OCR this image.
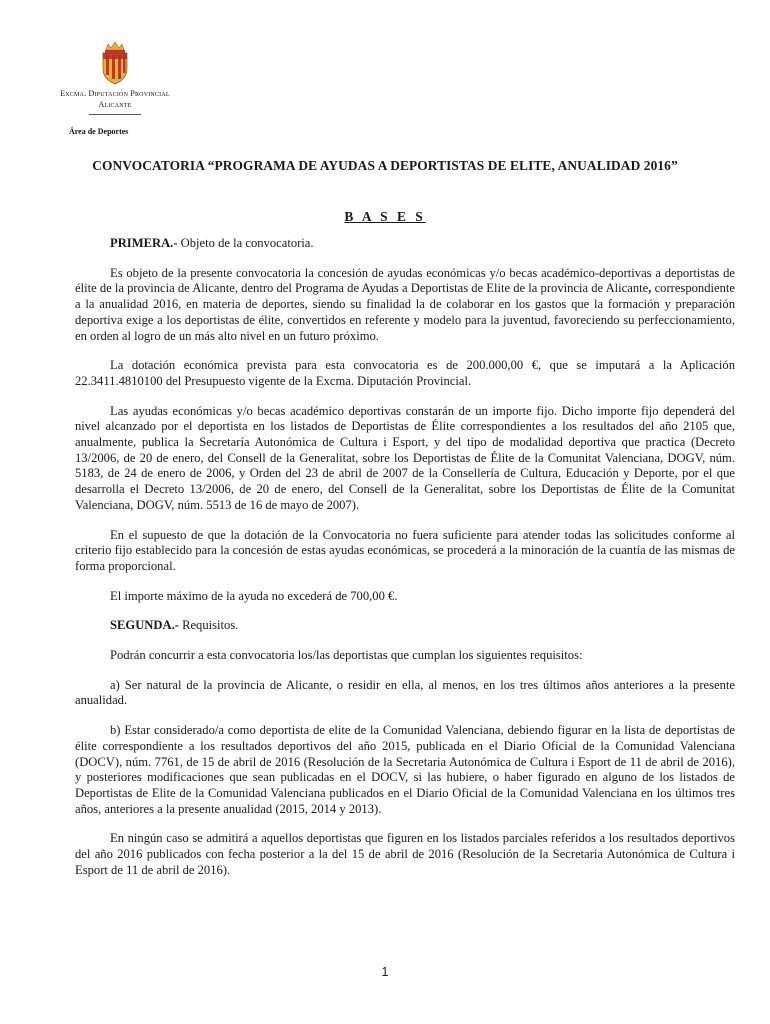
Excma. Diputación Provincial
Alicante
Área de Deportes
CONVOCATORIA “PROGRAMA DE AYUDAS A DEPORTISTAS DE ELITE, ANUALIDAD 2016”
B A S E S

PRIMERA.- Objeto de la convocatoria.

Es objeto de la presente convocatoria la concesión de ayudas económicas y/o becas académico-deportivas a deportistas de élite de la provincia de Alicante, dentro del Programa de Ayudas a Deportistas de Elite de la provincia de Alicante, correspondiente a la anualidad 2016, en materia de deportes, siendo su finalidad la de colaborar en los gastos que la formación y preparación deportiva exige a los deportistas de élite, convertidos en referente y modelo para la juventud, favoreciendo su perfeccionamiento, en orden al logro de un más alto nivel en un futuro próximo.

La dotación económica prevista para esta convocatoria es de 200.000,00 €, que se imputará a la Aplicación 22.3411.4810100 del Presupuesto vigente de la Excma. Diputación Provincial.

Las ayudas económicas y/o becas académico deportivas constarán de un importe fijo. Dicho importe fijo dependerá del nivel alcanzado por el deportista en los listados de Deportistas de Élite correspondientes a los resultados del año 2105 que, anualmente, publica la Secretaría Autonómica de Cultura i Esport, y del tipo de modalidad deportiva que practica (Decreto 13/2006, de 20 de enero, del Consell de la Generalitat, sobre los Deportistas de Élite de la Comunitat Valenciana, DOGV, núm. 5183, de 24 de enero de 2006, y Orden del 23 de abril de 2007 de la Consellería de Cultura, Educación y Deporte, por el que desarrolla el Decreto 13/2006, de 20 de enero, del Consell de la Generalitat, sobre los Deportistas de Élite de la Comunitat Valenciana, DOGV, núm. 5513 de 16 de mayo de 2007).

En el supuesto de que la dotación de la Convocatoria no fuera suficiente para atender todas las solicitudes conforme al criterio fijo establecido para la concesión de estas ayudas económicas, se procederá a la minoración de la cuantía de las mismas de forma proporcional.

El importe máximo de la ayuda no excederá de 700,00 €.

SEGUNDA.- Requisitos.

Podrán concurrir a esta convocatoria los/las deportistas que cumplan los siguientes requisitos:

a) Ser natural de la provincia de Alicante, o residir en ella, al menos, en los tres últimos años anteriores a la presente anualidad.

b) Estar considerado/a como deportista de elite de la Comunidad Valenciana, debiendo figurar en la lista de deportistas de élite correspondiente a los resultados deportivos del año 2015, publicada en el Diario Oficial de la Comunidad Valenciana (DOCV), núm. 7761, de 15 de abril de 2016 (Resolución de la Secretaria Autonómica de Cultura i Esport de 11 de abril de 2016), y posteriores modificaciones que sean publicadas en el DOCV, si las hubiere, o haber figurado en alguno de los listados de Deportistas de Elite de la Comunidad Valenciana publicados en el Diario Oficial de la Comunidad Valenciana en los últimos tres años, anteriores a la presente anualidad (2015, 2014 y 2013).

En ningún caso se admitirá a aquellos deportistas que figuren en los listados parciales referidos a los resultados deportivos del año 2016 publicados con fecha posterior a la del 15 de abril de 2016 (Resolución de la Secretaria Autonómica de Cultura i Esport de 11 de abril de 2016).

1
